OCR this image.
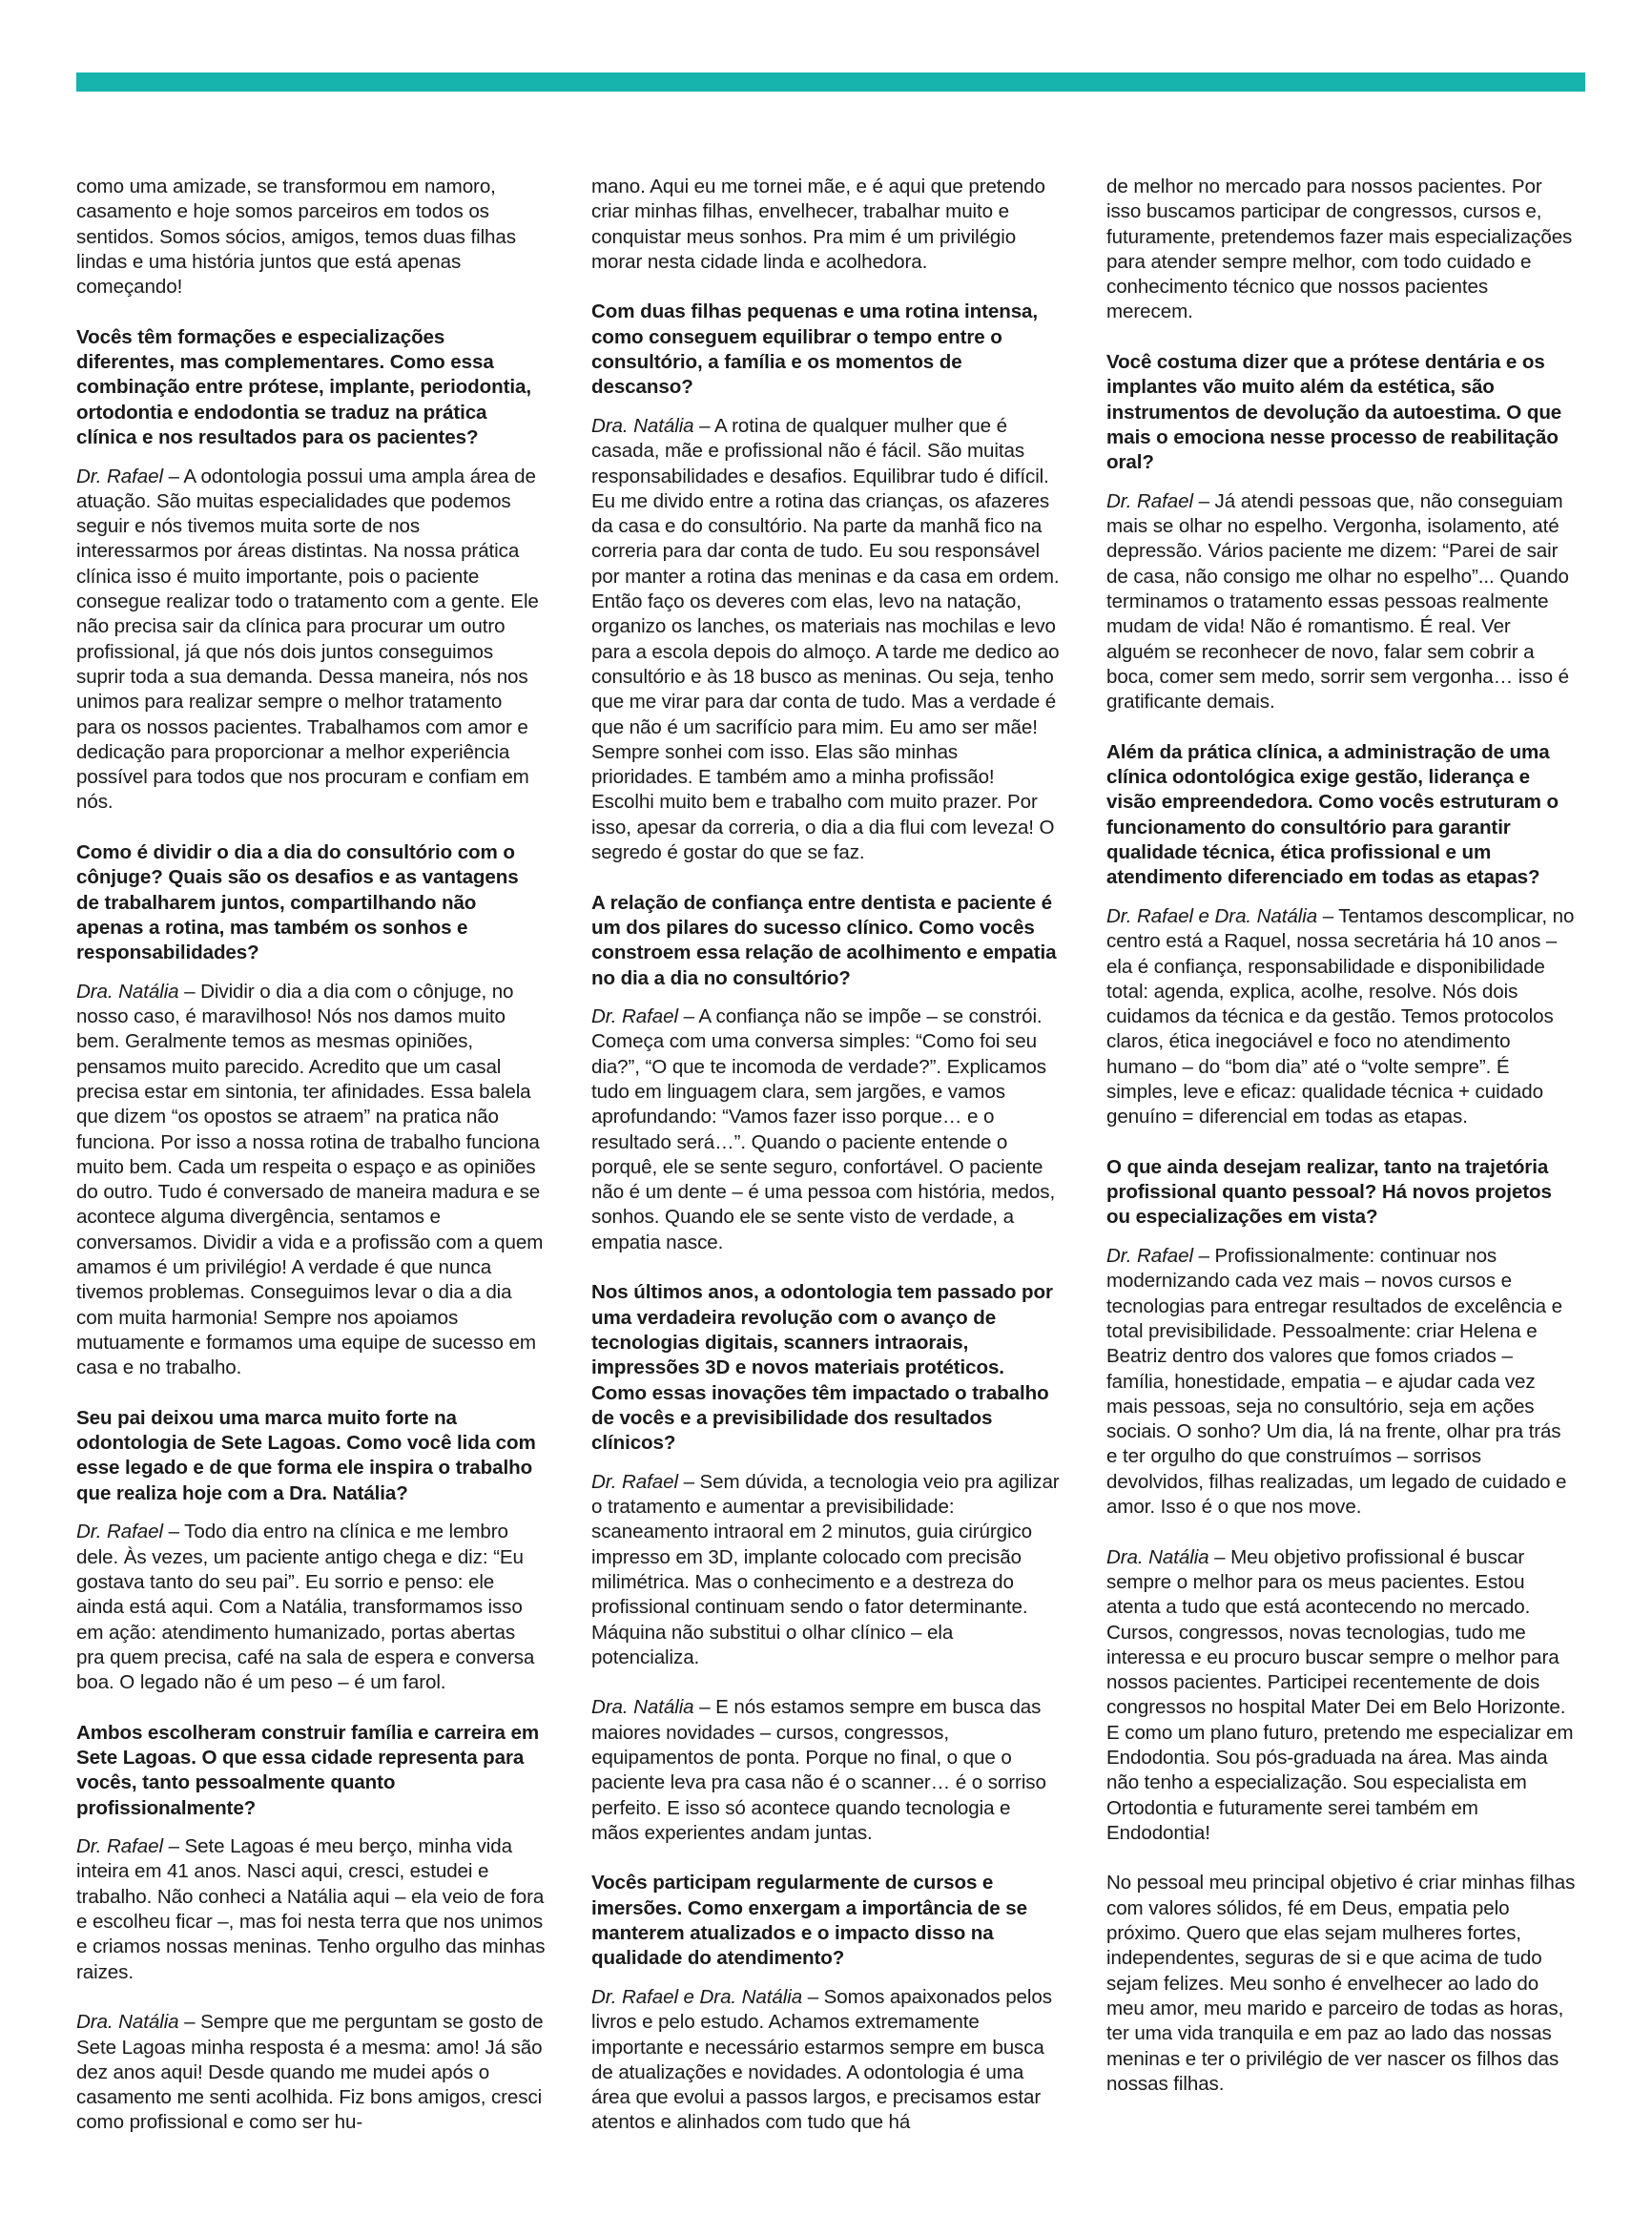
como uma amizade, se transformou em namoro, casamento e hoje somos parceiros em todos os sentidos. Somos sócios, amigos, temos duas filhas lindas e uma história juntos que está apenas começando!

Vocês têm formações e especializações diferentes, mas complementares. Como essa combinação entre prótese, implante, periodontia, ortodontia e endodontia se traduz na prática clínica e nos resultados para os pacientes?

Dr. Rafael – A odontologia possui uma ampla área de atuação. São muitas especialidades que podemos seguir e nós tivemos muita sorte de nos interessarmos por áreas distintas. Na nossa prática clínica isso é muito importante, pois o paciente consegue realizar todo o tratamento com a gente. Ele não precisa sair da clínica para procurar um outro profissional, já que nós dois juntos conseguimos suprir toda a sua demanda. Dessa maneira, nós nos unimos para realizar sempre o melhor tratamento para os nossos pacientes. Trabalhamos com amor e dedicação para proporcionar a melhor experiência possível para todos que nos procuram e confiam em nós.

Como é dividir o dia a dia do consultório com o cônjuge? Quais são os desafios e as vantagens de trabalharem juntos, compartilhando não apenas a rotina, mas também os sonhos e responsabilidades?

Dra. Natália – Dividir o dia a dia com o cônjuge, no nosso caso, é maravilhoso! Nós nos damos muito bem. Geralmente temos as mesmas opiniões, pensamos muito parecido. Acredito que um casal precisa estar em sintonia, ter afinidades. Essa balela que dizem “os opostos se atraem” na pratica não funciona. Por isso a nossa rotina de trabalho funciona muito bem. Cada um respeita o espaço e as opiniões do outro. Tudo é conversado de maneira madura e se acontece alguma divergência, sentamos e conversamos. Dividir a vida e a profissão com a quem amamos é um privilégio! A verdade é que nunca tivemos problemas. Conseguimos levar o dia a dia com muita harmonia! Sempre nos apoiamos mutuamente e formamos uma equipe de sucesso em casa e no trabalho.

Seu pai deixou uma marca muito forte na odontologia de Sete Lagoas. Como você lida com esse legado e de que forma ele inspira o trabalho que realiza hoje com a Dra. Natália?

Dr. Rafael – Todo dia entro na clínica e me lembro dele. Às vezes, um paciente antigo chega e diz: “Eu gostava tanto do seu pai”. Eu sorrio e penso: ele ainda está aqui. Com a Natália, transformamos isso em ação: atendimento humanizado, portas abertas pra quem precisa, café na sala de espera e conversa boa. O legado não é um peso – é um farol.

Ambos escolheram construir família e carreira em Sete Lagoas. O que essa cidade representa para vocês, tanto pessoalmente quanto profissionalmente?

Dr. Rafael – Sete Lagoas é meu berço, minha vida inteira em 41 anos. Nasci aqui, cresci, estudei e trabalho. Não conheci a Natália aqui – ela veio de fora e escolheu ficar –, mas foi nesta terra que nos unimos e criamos nossas meninas. Tenho orgulho das minhas raizes.

Dra. Natália – Sempre que me perguntam se gosto de Sete Lagoas minha resposta é a mesma: amo! Já são dez anos aqui! Desde quando me mudei após o casamento me senti acolhida. Fiz bons amigos, cresci como profissional e como ser hu-

mano. Aqui eu me tornei mãe, e é aqui que pretendo criar minhas filhas, envelhecer, trabalhar muito e conquistar meus sonhos. Pra mim é um privilégio morar nesta cidade linda e acolhedora.

Com duas filhas pequenas e uma rotina intensa, como conseguem equilibrar o tempo entre o consultório, a família e os momentos de descanso?

Dra. Natália – A rotina de qualquer mulher que é casada, mãe e profissional não é fácil. São muitas responsabilidades e desafios. Equilibrar tudo é difícil. Eu me divido entre a rotina das crianças, os afazeres da casa e do consultório. Na parte da manhã fico na correria para dar conta de tudo. Eu sou responsável por manter a rotina das meninas e da casa em ordem. Então faço os deveres com elas, levo na natação, organizo os lanches, os materiais nas mochilas e levo para a escola depois do almoço. A tarde me dedico ao consultório e às 18 busco as meninas. Ou seja, tenho que me virar para dar conta de tudo. Mas a verdade é que não é um sacrifício para mim. Eu amo ser mãe! Sempre sonhei com isso. Elas são minhas prioridades. E também amo a minha profissão! Escolhi muito bem e trabalho com muito prazer. Por isso, apesar da correria, o dia a dia flui com leveza! O segredo é gostar do que se faz.

A relação de confiança entre dentista e paciente é um dos pilares do sucesso clínico. Como vocês constroem essa relação de acolhimento e empatia no dia a dia no consultório?

Dr. Rafael – A confiança não se impõe – se constrói. Começa com uma conversa simples: “Como foi seu dia?”, “O que te incomoda de verdade?”. Explicamos tudo em linguagem clara, sem jargões, e vamos aprofundando: “Vamos fazer isso porque… e o resultado será…”. Quando o paciente entende o porquê, ele se sente seguro, confortável. O paciente não é um dente – é uma pessoa com história, medos, sonhos. Quando ele se sente visto de verdade, a empatia nasce.

Nos últimos anos, a odontologia tem passado por uma verdadeira revolução com o avanço de tecnologias digitais, scanners intraorais, impressões 3D e novos materiais protéticos. Como essas inovações têm impactado o trabalho de vocês e a previsibilidade dos resultados clínicos?

Dr. Rafael – Sem dúvida, a tecnologia veio pra agilizar o tratamento e aumentar a previsibilidade: scaneamento intraoral em 2 minutos, guia cirúrgico impresso em 3D, implante colocado com precisão milimétrica. Mas o conhecimento e a destreza do profissional continuam sendo o fator determinante. Máquina não substitui o olhar clínico – ela potencializa.

Dra. Natália – E nós estamos sempre em busca das maiores novidades – cursos, congressos, equipamentos de ponta. Porque no final, o que o paciente leva pra casa não é o scanner… é o sorriso perfeito. E isso só acontece quando tecnologia e mãos experientes andam juntas.

Vocês participam regularmente de cursos e imersões. Como enxergam a importância de se manterem atualizados e o impacto disso na qualidade do atendimento?

Dr. Rafael e Dra. Natália – Somos apaixonados pelos livros e pelo estudo. Achamos extremamente importante e necessário estarmos sempre em busca de atualizações e novidades. A odontologia é uma área que evolui a passos largos, e precisamos estar atentos e alinhados com tudo que há

de melhor no mercado para nossos pacientes. Por isso buscamos participar de congressos, cursos e, futuramente, pretendemos fazer mais especializações para atender sempre melhor, com todo cuidado e conhecimento técnico que nossos pacientes merecem.

Você costuma dizer que a prótese dentária e os implantes vão muito além da estética, são instrumentos de devolução da autoestima. O que mais o emociona nesse processo de reabilitação oral?

Dr. Rafael – Já atendi pessoas que, não conseguiam mais se olhar no espelho. Vergonha, isolamento, até depressão. Vários paciente me dizem: “Parei de sair de casa, não consigo me olhar no espelho”... Quando terminamos o tratamento essas pessoas realmente mudam de vida! Não é romantismo. É real. Ver alguém se reconhecer de novo, falar sem cobrir a boca, comer sem medo, sorrir sem vergonha… isso é gratificante demais.

Além da prática clínica, a administração de uma clínica odontológica exige gestão, liderança e visão empreendedora. Como vocês estruturam o funcionamento do consultório para garantir qualidade técnica, ética profissional e um atendimento diferenciado em todas as etapas?

Dr. Rafael e Dra. Natália – Tentamos descomplicar, no centro está a Raquel, nossa secretária há 10 anos – ela é confiança, responsabilidade e disponibilidade total: agenda, explica, acolhe, resolve. Nós dois cuidamos da técnica e da gestão. Temos protocolos claros, ética inegociável e foco no atendimento humano – do “bom dia” até o “volte sempre”. É simples, leve e eficaz: qualidade técnica + cuidado genuíno = diferencial em todas as etapas.

O que ainda desejam realizar, tanto na trajetória profissional quanto pessoal? Há novos projetos ou especializações em vista?

Dr. Rafael – Profissionalmente: continuar nos modernizando cada vez mais – novos cursos e tecnologias para entregar resultados de excelência e total previsibilidade. Pessoalmente: criar Helena e Beatriz dentro dos valores que fomos criados – família, honestidade, empatia – e ajudar cada vez mais pessoas, seja no consultório, seja em ações sociais. O sonho? Um dia, lá na frente, olhar pra trás e ter orgulho do que construímos – sorrisos devolvidos, filhas realizadas, um legado de cuidado e amor. Isso é o que nos move.

Dra. Natália – Meu objetivo profissional é buscar sempre o melhor para os meus pacientes. Estou atenta a tudo que está acontecendo no mercado. Cursos, congressos, novas tecnologias, tudo me interessa e eu procuro buscar sempre o melhor para nossos pacientes. Participei recentemente de dois congressos no hospital Mater Dei em Belo Horizonte. E como um plano futuro, pretendo me especializar em Endodontia. Sou pós-graduada na área. Mas ainda não tenho a especialização. Sou especialista em Ortodontia e futuramente serei também em Endodontia!

No pessoal meu principal objetivo é criar minhas filhas com valores sólidos, fé em Deus, empatia pelo próximo. Quero que elas sejam mulheres fortes, independentes, seguras de si e que acima de tudo sejam felizes. Meu sonho é envelhecer ao lado do meu amor, meu marido e parceiro de todas as horas, ter uma vida tranquila e em paz ao lado das nossas meninas e ter o privilégio de ver nascer os filhos das nossas filhas.
